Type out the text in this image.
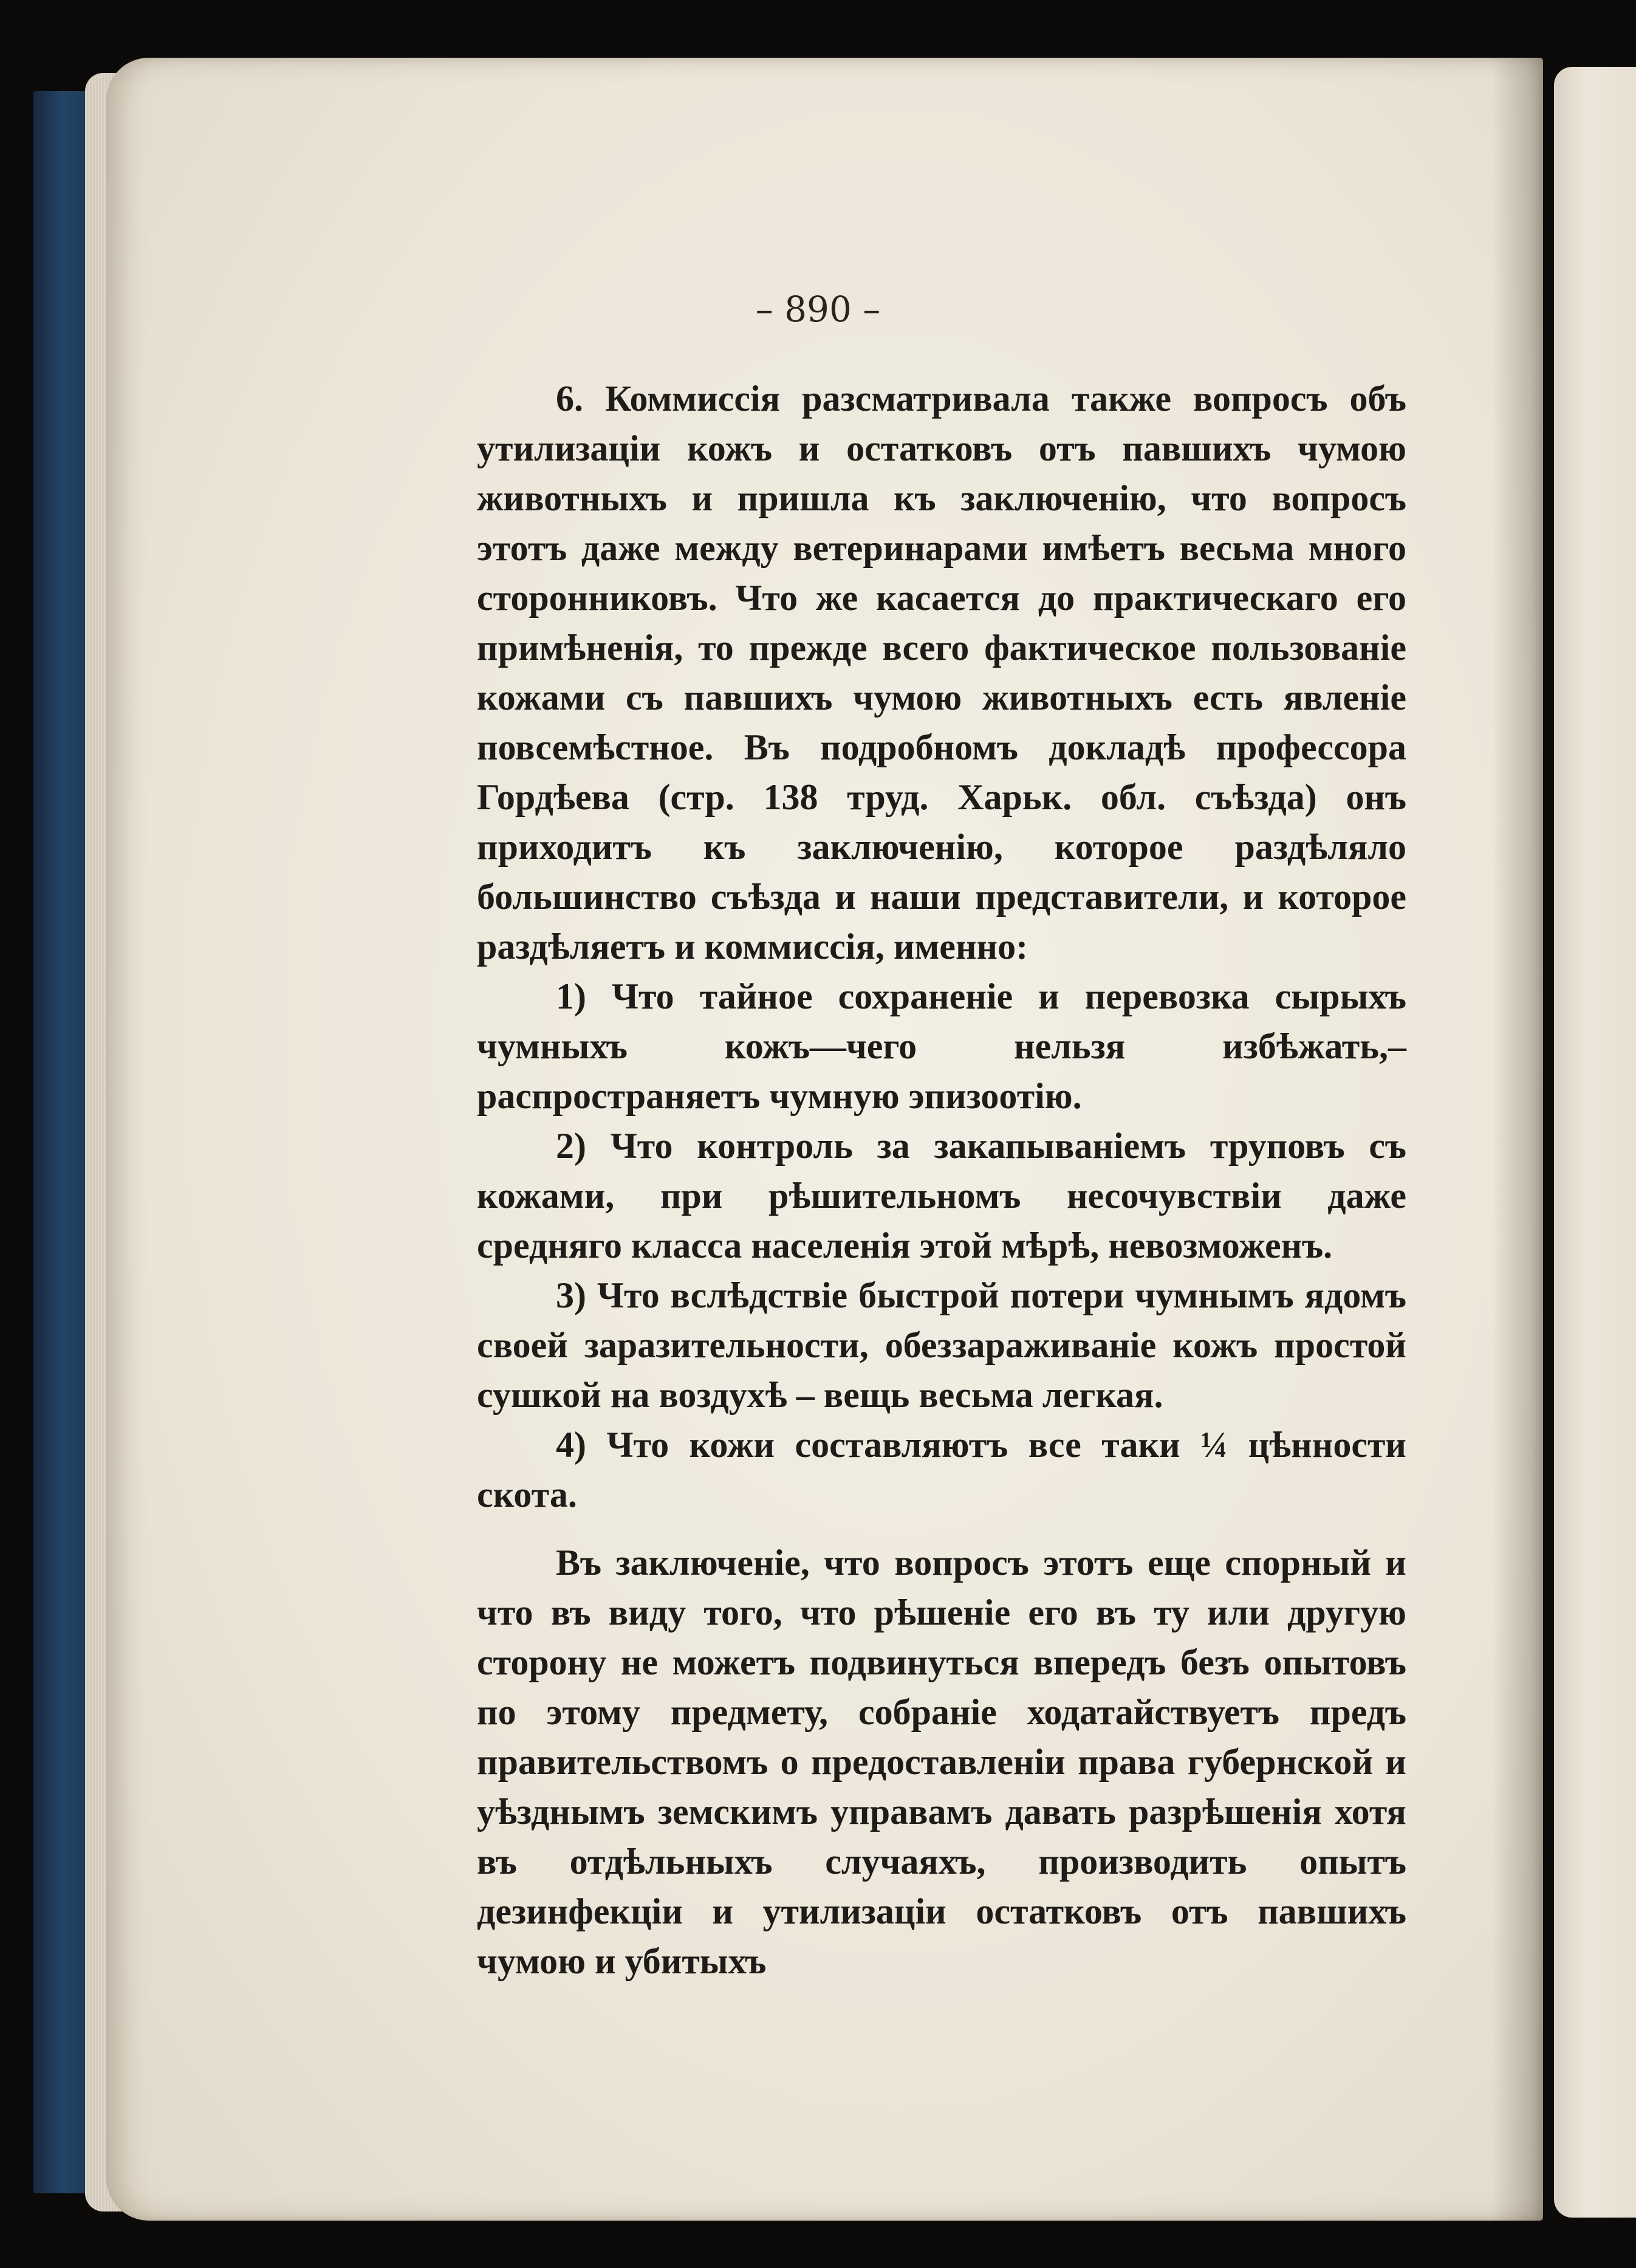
– 890 –

6. Коммиссія разсматривала также вопросъ объ утилизаціи кожъ и остатковъ отъ павшихъ чумою животныхъ и пришла къ заключенію, что вопросъ этотъ даже между ветеринарами имѣетъ весьма много сторонниковъ. Что же касается до практическаго его примѣненія, то прежде всего фактическое пользованіе кожами съ павшихъ чумою животныхъ есть явленіе повсемѣстное. Въ подробномъ докладѣ профессора Гордѣева (стр. 138 труд. Харьк. обл. съѣзда) онъ приходитъ къ заключенію, которое раздѣляло большинство съѣзда и наши представители, и которое раздѣляетъ и коммиссія, именно:

1) Что тайное сохраненіе и перевозка сырыхъ чумныхъ кожъ—чего нельзя избѣжать,– распространяетъ чумную эпизоотію.

2) Что контроль за закапываніемъ труповъ съ кожами, при рѣшительномъ несочувствіи даже средняго класса населенія этой мѣрѣ, невозможенъ.

3) Что вслѣдствіе быстрой потери чумнымъ ядомъ своей заразительности, обеззараживаніе кожъ простой сушкой на воздухѣ – вещь весьма легкая.

4) Что кожи составляютъ все таки ¼ цѣнности скота.

Въ заключеніе, что вопросъ этотъ еще спорный и что въ виду того, что рѣшеніе его въ ту или другую сторону не можетъ подвинуться впередъ безъ опытовъ по этому предмету, собраніе ходатайствуетъ предъ правительствомъ о предоставленіи права губернской и уѣзднымъ земскимъ управамъ давать разрѣшенія хотя въ отдѣльныхъ случаяхъ, производить опытъ дезинфекціи и утилизаціи остатковъ отъ павшихъ чумою и убитыхъ
